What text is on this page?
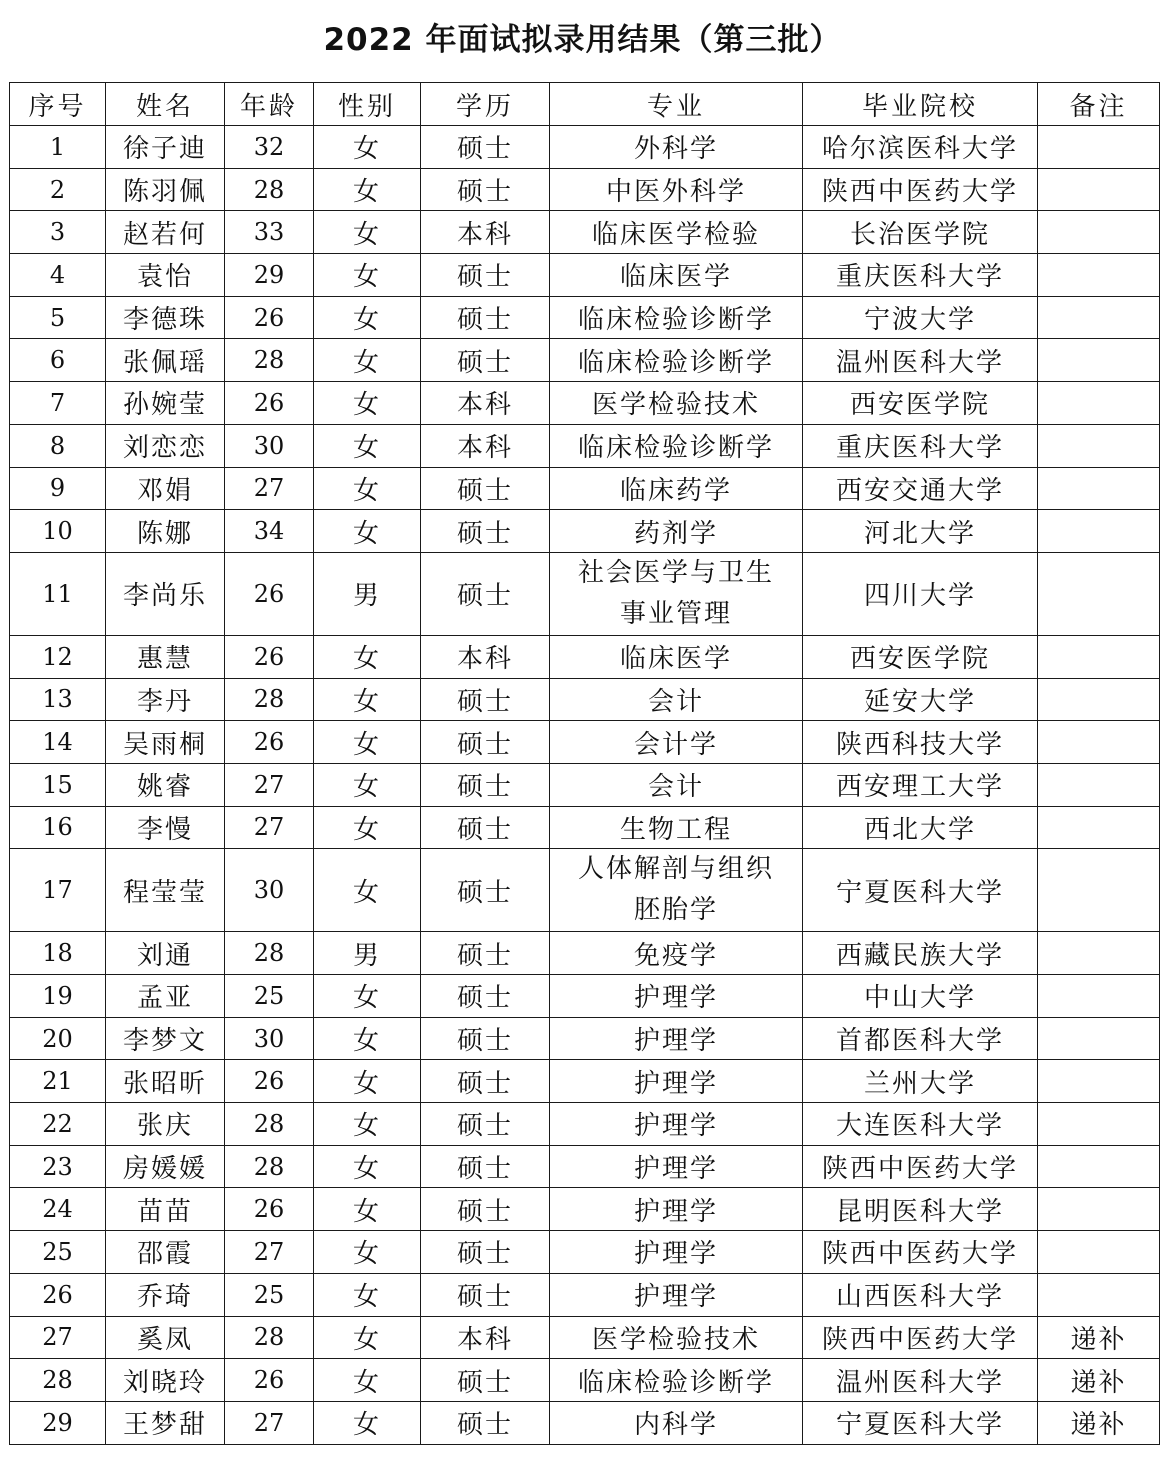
2022 年面试拟录用结果（第三批）
序号	姓名	年龄	性别	学历	专业	毕业院校	备注
1	徐子迪	32	女	硕士	外科学	哈尔滨医科大学	
2	陈羽佩	28	女	硕士	中医外科学	陕西中医药大学	
3	赵若何	33	女	本科	临床医学检验	长治医学院	
4	袁怡	29	女	硕士	临床医学	重庆医科大学	
5	李德珠	26	女	硕士	临床检验诊断学	宁波大学	
6	张佩瑶	28	女	硕士	临床检验诊断学	温州医科大学	
7	孙婉莹	26	女	本科	医学检验技术	西安医学院	
8	刘恋恋	30	女	本科	临床检验诊断学	重庆医科大学	
9	邓娟	27	女	硕士	临床药学	西安交通大学	
10	陈娜	34	女	硕士	药剂学	河北大学	
11	李尚乐	26	男	硕士	社会医学与卫生事业管理	四川大学	
12	惠慧	26	女	本科	临床医学	西安医学院	
13	李丹	28	女	硕士	会计	延安大学	
14	吴雨桐	26	女	硕士	会计学	陕西科技大学	
15	姚睿	27	女	硕士	会计	西安理工大学	
16	李慢	27	女	硕士	生物工程	西北大学	
17	程莹莹	30	女	硕士	人体解剖与组织胚胎学	宁夏医科大学	
18	刘通	28	男	硕士	免疫学	西藏民族大学	
19	孟亚	25	女	硕士	护理学	中山大学	
20	李梦文	30	女	硕士	护理学	首都医科大学	
21	张昭昕	26	女	硕士	护理学	兰州大学	
22	张庆	28	女	硕士	护理学	大连医科大学	
23	房媛媛	28	女	硕士	护理学	陕西中医药大学	
24	苗苗	26	女	硕士	护理学	昆明医科大学	
25	邵霞	27	女	硕士	护理学	陕西中医药大学	
26	乔琦	25	女	硕士	护理学	山西医科大学	
27	奚凤	28	女	本科	医学检验技术	陕西中医药大学	递补
28	刘晓玲	26	女	硕士	临床检验诊断学	温州医科大学	递补
29	王梦甜	27	女	硕士	内科学	宁夏医科大学	递补
